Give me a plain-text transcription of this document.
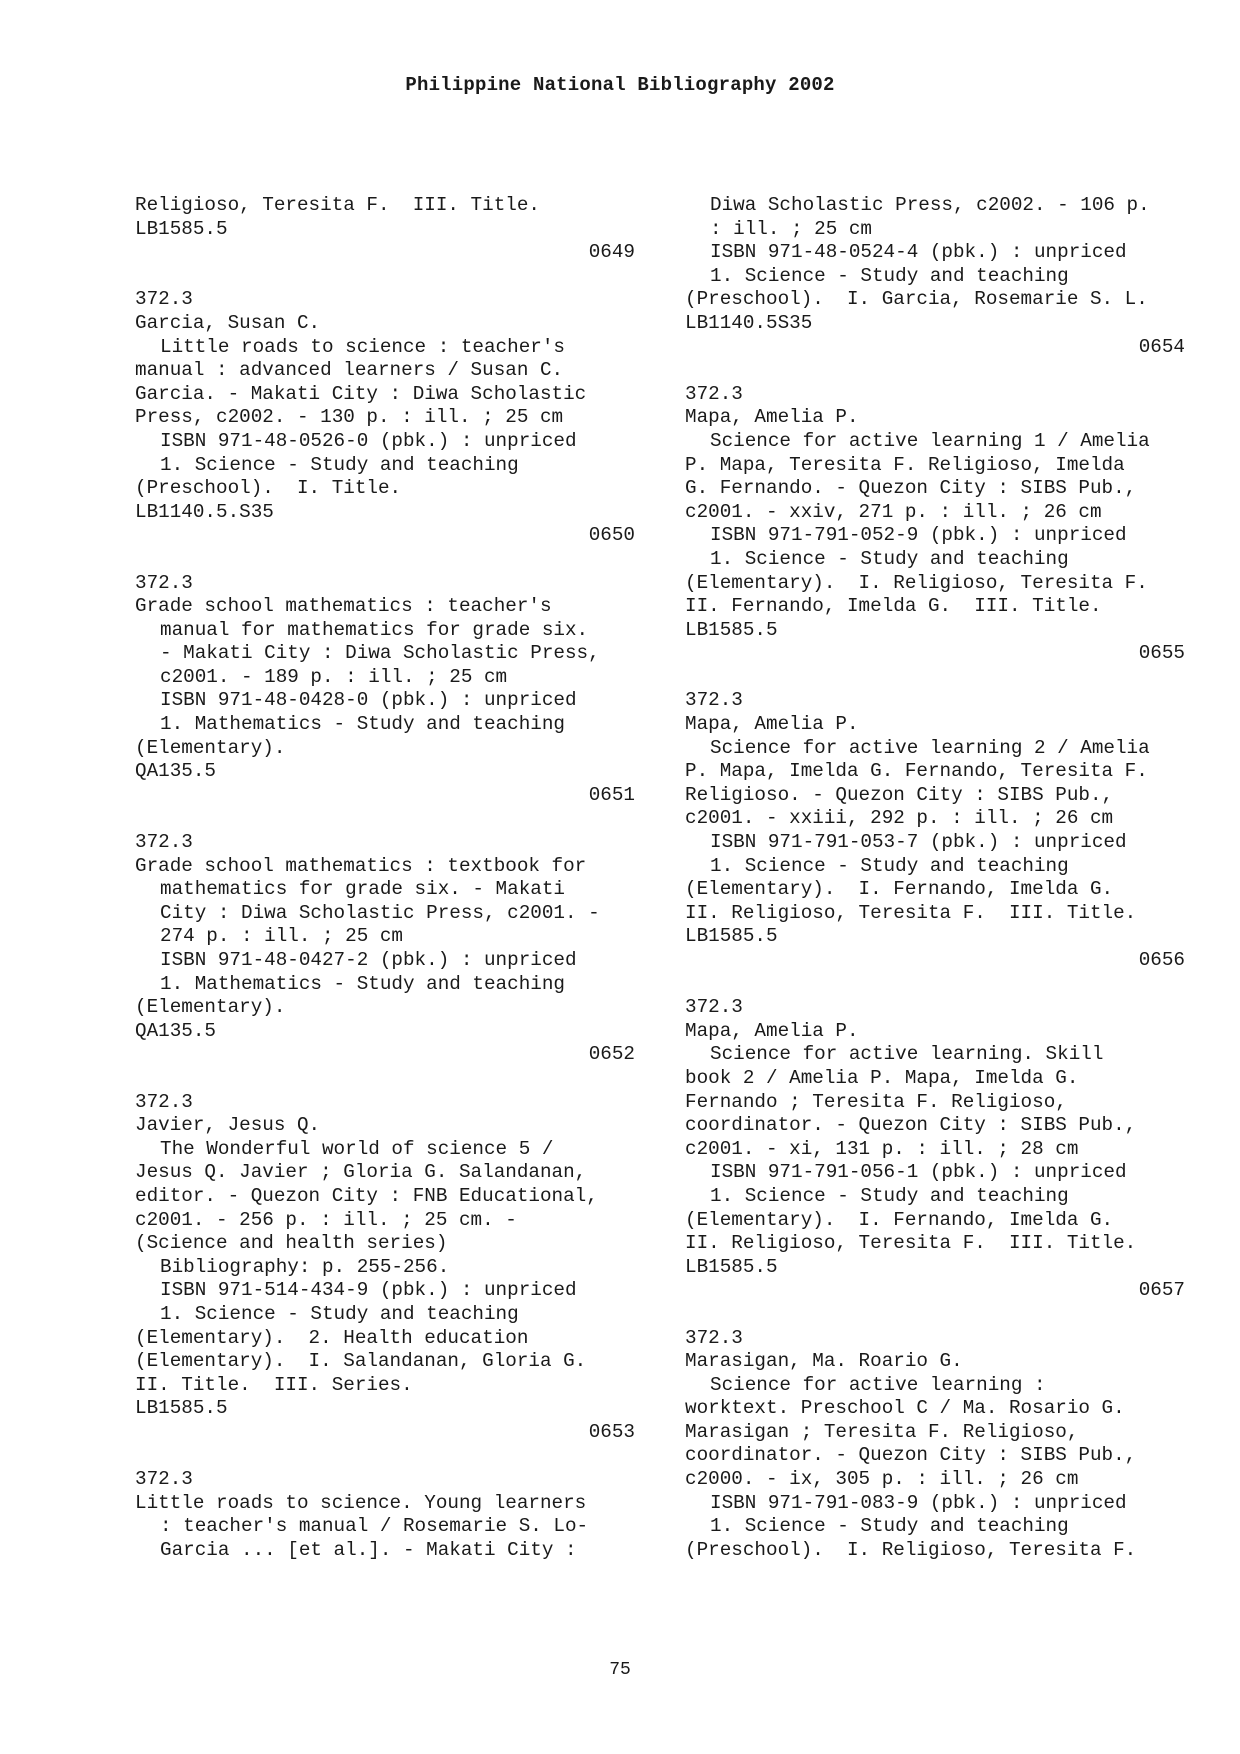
Philippine National Bibliography 2002
Religioso, Teresita F.  III. Title.
LB1585.5
0649
372.3
Garcia, Susan C.
Little roads to science : teacher's
manual : advanced learners / Susan C.
Garcia. - Makati City : Diwa Scholastic
Press, c2002. - 130 p. : ill. ; 25 cm
ISBN 971-48-0526-0 (pbk.) : unpriced
1. Science - Study and teaching
(Preschool).  I. Title.
LB1140.5.S35
0650
372.3
Grade school mathematics : teacher's
manual for mathematics for grade six.
- Makati City : Diwa Scholastic Press,
c2001. - 189 p. : ill. ; 25 cm
ISBN 971-48-0428-0 (pbk.) : unpriced
1. Mathematics - Study and teaching
(Elementary).
QA135.5
0651
372.3
Grade school mathematics : textbook for
mathematics for grade six. - Makati
City : Diwa Scholastic Press, c2001. -
274 p. : ill. ; 25 cm
ISBN 971-48-0427-2 (pbk.) : unpriced
1. Mathematics - Study and teaching
(Elementary).
QA135.5
0652
372.3
Javier, Jesus Q.
The Wonderful world of science 5 /
Jesus Q. Javier ; Gloria G. Salandanan,
editor. - Quezon City : FNB Educational,
c2001. - 256 p. : ill. ; 25 cm. -
(Science and health series)
Bibliography: p. 255-256.
ISBN 971-514-434-9 (pbk.) : unpriced
1. Science - Study and teaching
(Elementary).  2. Health education
(Elementary).  I. Salandanan, Gloria G.
II. Title.  III. Series.
LB1585.5
0653
372.3
Little roads to science. Young learners
: teacher's manual / Rosemarie S. Lo-
Garcia ... [et al.]. - Makati City :
Diwa Scholastic Press, c2002. - 106 p.
: ill. ; 25 cm
ISBN 971-48-0524-4 (pbk.) : unpriced
1. Science - Study and teaching
(Preschool).  I. Garcia, Rosemarie S. L.
LB1140.5S35
0654
372.3
Mapa, Amelia P.
Science for active learning 1 / Amelia
P. Mapa, Teresita F. Religioso, Imelda
G. Fernando. - Quezon City : SIBS Pub.,
c2001. - xxiv, 271 p. : ill. ; 26 cm
ISBN 971-791-052-9 (pbk.) : unpriced
1. Science - Study and teaching
(Elementary).  I. Religioso, Teresita F.
II. Fernando, Imelda G.  III. Title.
LB1585.5
0655
372.3
Mapa, Amelia P.
Science for active learning 2 / Amelia
P. Mapa, Imelda G. Fernando, Teresita F.
Religioso. - Quezon City : SIBS Pub.,
c2001. - xxiii, 292 p. : ill. ; 26 cm
ISBN 971-791-053-7 (pbk.) : unpriced
1. Science - Study and teaching
(Elementary).  I. Fernando, Imelda G.
II. Religioso, Teresita F.  III. Title.
LB1585.5
0656
372.3
Mapa, Amelia P.
Science for active learning. Skill
book 2 / Amelia P. Mapa, Imelda G.
Fernando ; Teresita F. Religioso,
coordinator. - Quezon City : SIBS Pub.,
c2001. - xi, 131 p. : ill. ; 28 cm
ISBN 971-791-056-1 (pbk.) : unpriced
1. Science - Study and teaching
(Elementary).  I. Fernando, Imelda G.
II. Religioso, Teresita F.  III. Title.
LB1585.5
0657
372.3
Marasigan, Ma. Roario G.
Science for active learning :
worktext. Preschool C / Ma. Rosario G.
Marasigan ; Teresita F. Religioso,
coordinator. - Quezon City : SIBS Pub.,
c2000. - ix, 305 p. : ill. ; 26 cm
ISBN 971-791-083-9 (pbk.) : unpriced
1. Science - Study and teaching
(Preschool).  I. Religioso, Teresita F.
75
